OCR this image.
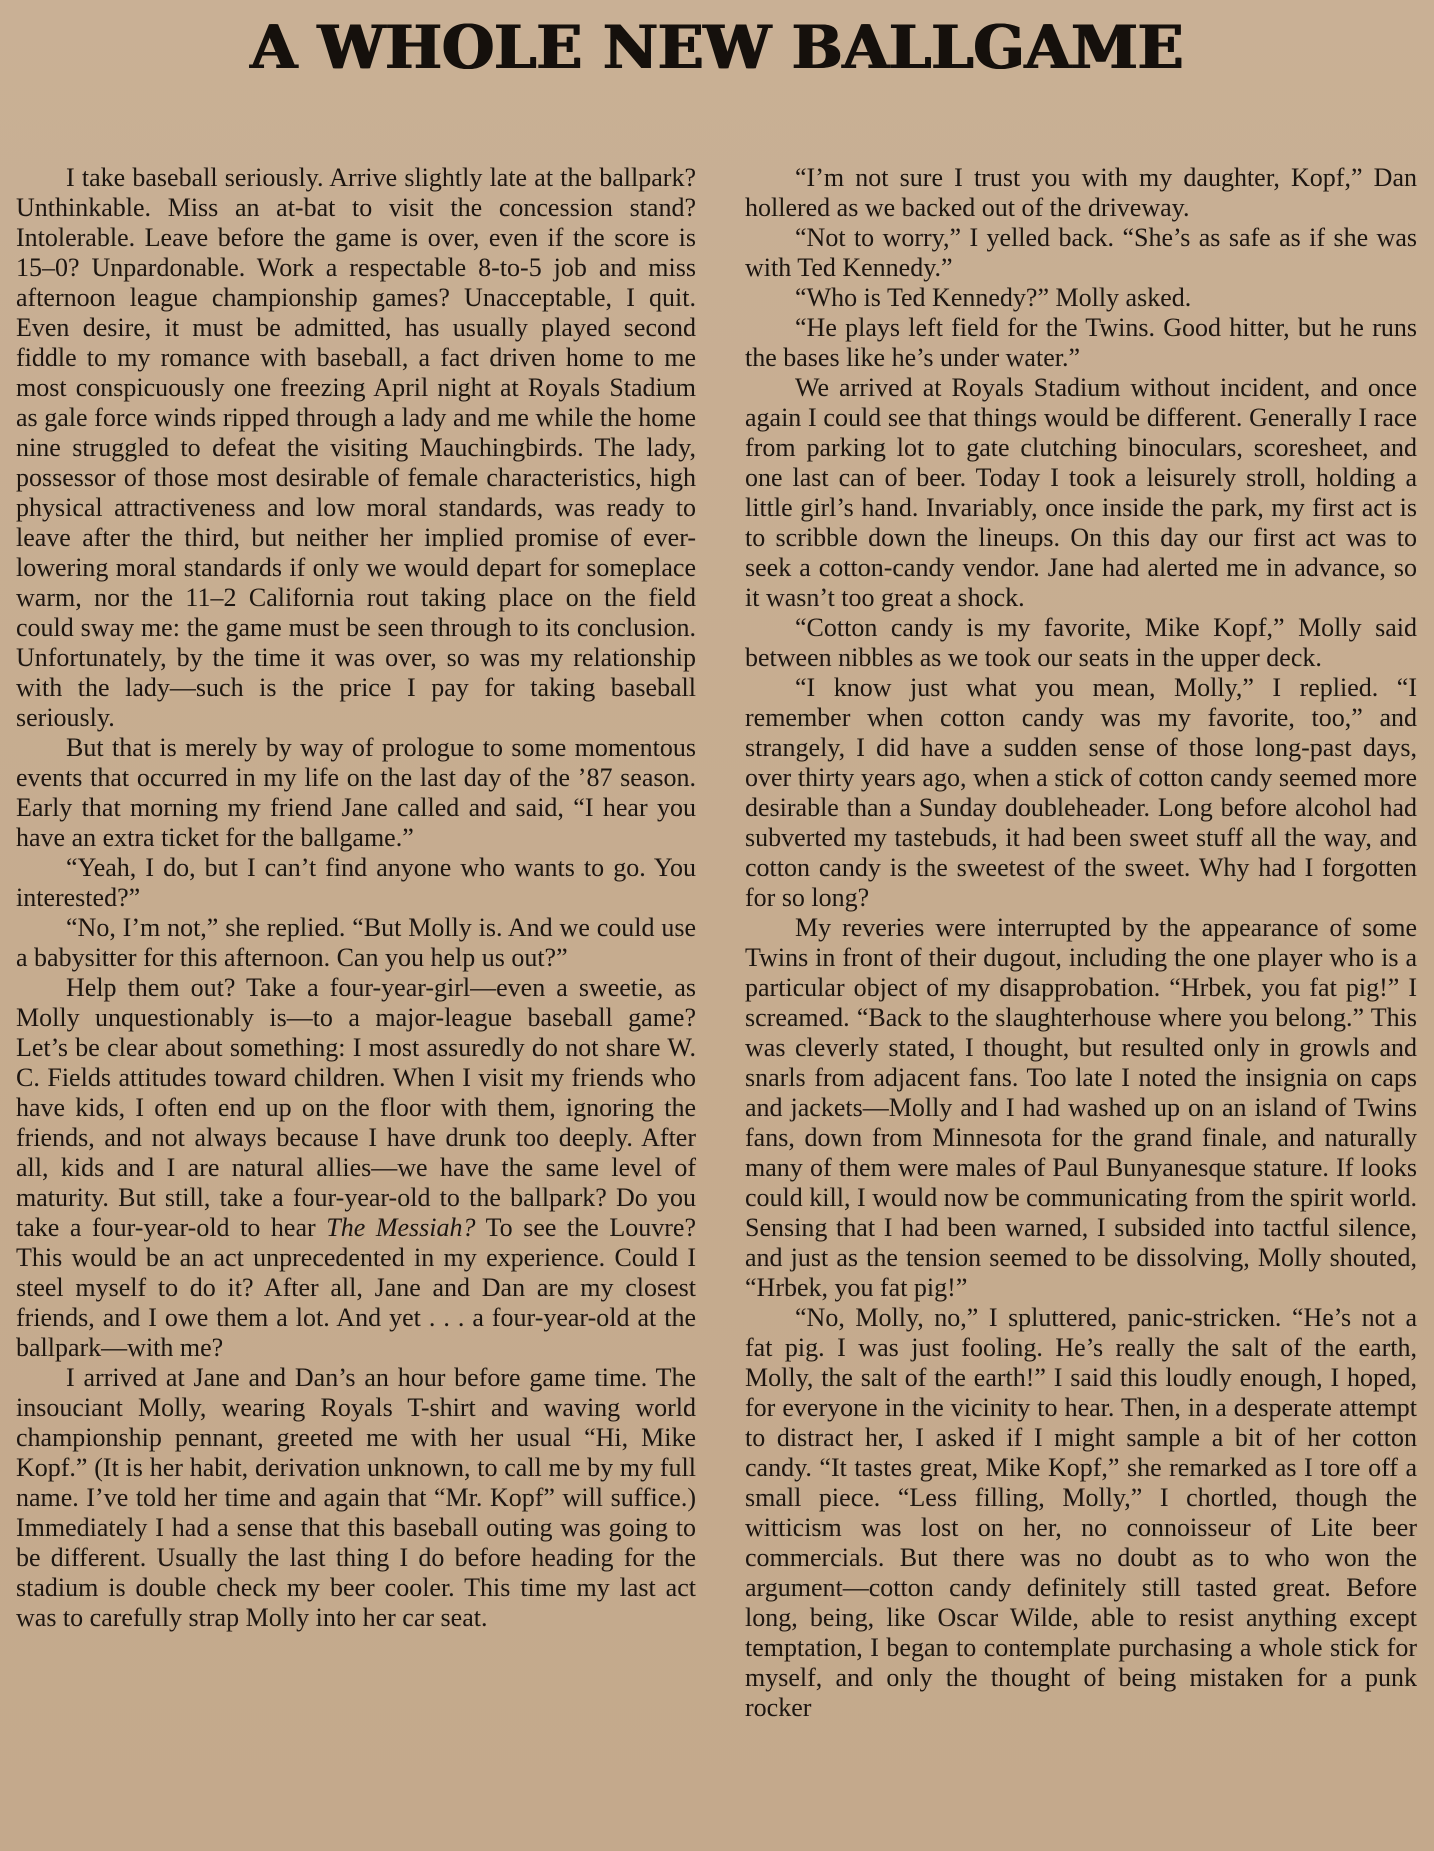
A WHOLE NEW BALLGAME

I take baseball seriously. Arrive slightly late at the ballpark? Unthinkable. Miss an at-bat to visit the concession stand? Intolerable. Leave before the game is over, even if the score is 15–0? Unpardonable. Work a respectable 8-to-5 job and miss afternoon league championship games? Unacceptable, I quit. Even desire, it must be admitted, has usually played second fiddle to my romance with baseball, a fact driven home to me most conspicuously one freezing April night at Royals Stadium as gale force winds ripped through a lady and me while the home nine struggled to defeat the visiting Mauchingbirds. The lady, possessor of those most desirable of female characteristics, high physical attractiveness and low moral standards, was ready to leave after the third, but neither her implied promise of ever-lowering moral standards if only we would depart for someplace warm, nor the 11–2 California rout taking place on the field could sway me: the game must be seen through to its conclusion. Unfortunately, by the time it was over, so was my relationship with the lady—such is the price I pay for taking baseball seriously.

But that is merely by way of prologue to some momentous events that occurred in my life on the last day of the ’87 season. Early that morning my friend Jane called and said, “I hear you have an extra ticket for the ballgame.”

“Yeah, I do, but I can’t find anyone who wants to go. You interested?”

“No, I’m not,” she replied. “But Molly is. And we could use a babysitter for this afternoon. Can you help us out?”

Help them out? Take a four-year-girl—even a sweetie, as Molly unquestionably is—to a major-league baseball game? Let’s be clear about something: I most assuredly do not share W. C. Fields attitudes toward children. When I visit my friends who have kids, I often end up on the floor with them, ignoring the friends, and not always because I have drunk too deeply. After all, kids and I are natural allies—we have the same level of maturity. But still, take a four-year-old to the ballpark? Do you take a four-year-old to hear The Messiah? To see the Louvre? This would be an act unprecedented in my experience. Could I steel myself to do it? After all, Jane and Dan are my closest friends, and I owe them a lot. And yet . . . a four-year-old at the ballpark—with me?

I arrived at Jane and Dan’s an hour before game time. The insouciant Molly, wearing Royals T-shirt and waving world championship pennant, greeted me with her usual “Hi, Mike Kopf.” (It is her habit, derivation unknown, to call me by my full name. I’ve told her time and again that “Mr. Kopf” will suffice.) Immediately I had a sense that this baseball outing was going to be different. Usually the last thing I do before heading for the stadium is double check my beer cooler. This time my last act was to carefully strap Molly into her car seat.

“I’m not sure I trust you with my daughter, Kopf,” Dan hollered as we backed out of the driveway.

“Not to worry,” I yelled back. “She’s as safe as if she was with Ted Kennedy.”

“Who is Ted Kennedy?” Molly asked.

“He plays left field for the Twins. Good hitter, but he runs the bases like he’s under water.”

We arrived at Royals Stadium without incident, and once again I could see that things would be different. Generally I race from parking lot to gate clutching binoculars, scoresheet, and one last can of beer. Today I took a leisurely stroll, holding a little girl’s hand. Invariably, once inside the park, my first act is to scribble down the lineups. On this day our first act was to seek a cotton-candy vendor. Jane had alerted me in advance, so it wasn’t too great a shock.

“Cotton candy is my favorite, Mike Kopf,” Molly said between nibbles as we took our seats in the upper deck.

“I know just what you mean, Molly,” I replied. “I remember when cotton candy was my favorite, too,” and strangely, I did have a sudden sense of those long-past days, over thirty years ago, when a stick of cotton candy seemed more desirable than a Sunday doubleheader. Long before alcohol had subverted my tastebuds, it had been sweet stuff all the way, and cotton candy is the sweetest of the sweet. Why had I forgotten for so long?

My reveries were interrupted by the appearance of some Twins in front of their dugout, including the one player who is a particular object of my disapprobation. “Hrbek, you fat pig!” I screamed. “Back to the slaughterhouse where you belong.” This was cleverly stated, I thought, but resulted only in growls and snarls from adjacent fans. Too late I noted the insignia on caps and jackets—Molly and I had washed up on an island of Twins fans, down from Minnesota for the grand finale, and naturally many of them were males of Paul Bunyanesque stature. If looks could kill, I would now be communicating from the spirit world. Sensing that I had been warned, I subsided into tactful silence, and just as the tension seemed to be dissolving, Molly shouted, “Hrbek, you fat pig!”

“No, Molly, no,” I spluttered, panic-stricken. “He’s not a fat pig. I was just fooling. He’s really the salt of the earth, Molly, the salt of the earth!” I said this loudly enough, I hoped, for everyone in the vicinity to hear. Then, in a desperate attempt to distract her, I asked if I might sample a bit of her cotton candy. “It tastes great, Mike Kopf,” she remarked as I tore off a small piece. “Less filling, Molly,” I chortled, though the witticism was lost on her, no connoisseur of Lite beer commercials. But there was no doubt as to who won the argument—cotton candy definitely still tasted great. Before long, being, like Oscar Wilde, able to resist anything except temptation, I began to contemplate purchasing a whole stick for myself, and only the thought of being mistaken for a punk rocker
